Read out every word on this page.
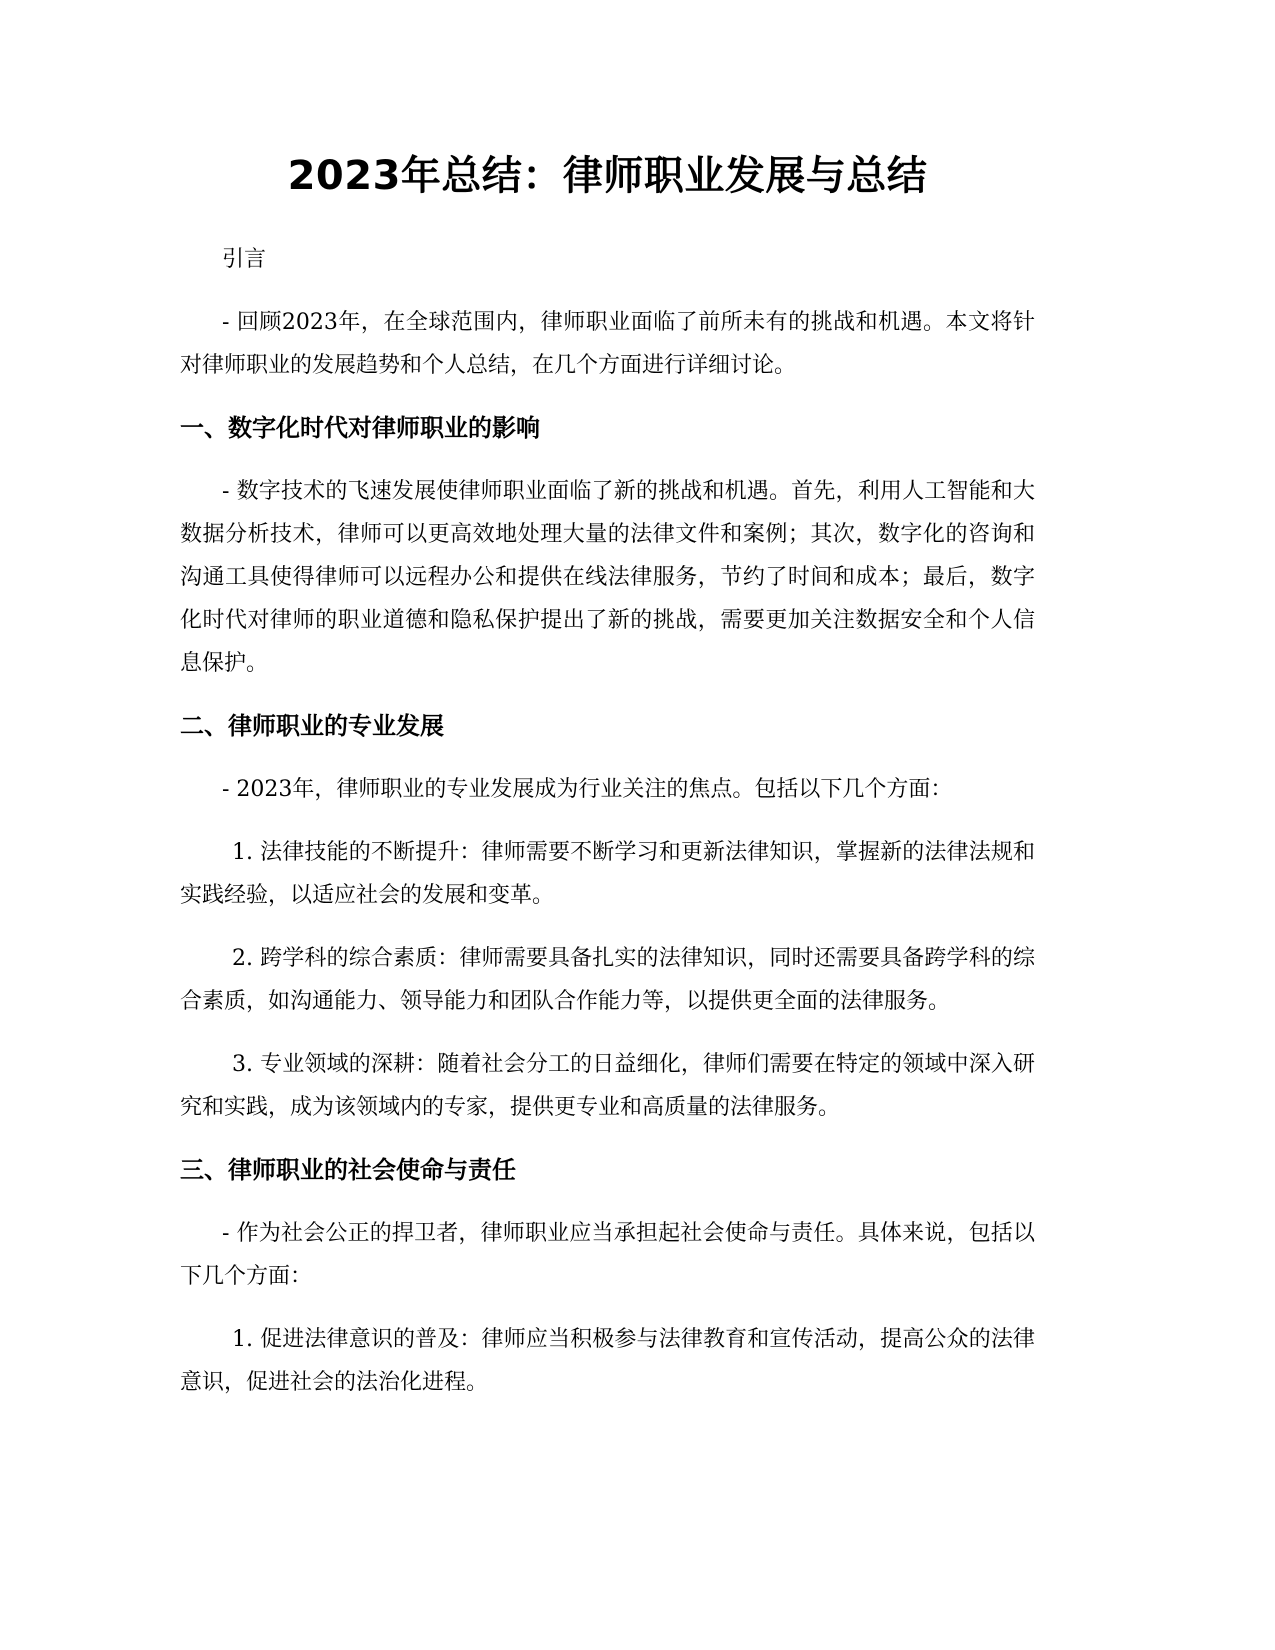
2023年总结：律师职业发展与总结

引言

- 回顾2023年，在全球范围内，律师职业面临了前所未有的挑战和机遇。本文将针对律师职业的发展趋势和个人总结，在几个方面进行详细讨论。

一、数字化时代对律师职业的影响

- 数字技术的飞速发展使律师职业面临了新的挑战和机遇。首先，利用人工智能和大数据分析技术，律师可以更高效地处理大量的法律文件和案例；其次，数字化的咨询和沟通工具使得律师可以远程办公和提供在线法律服务，节约了时间和成本；最后，数字化时代对律师的职业道德和隐私保护提出了新的挑战，需要更加关注数据安全和个人信息保护。

二、律师职业的专业发展

- 2023年，律师职业的专业发展成为行业关注的焦点。包括以下几个方面：

1. 法律技能的不断提升：律师需要不断学习和更新法律知识，掌握新的法律法规和实践经验，以适应社会的发展和变革。

2. 跨学科的综合素质：律师需要具备扎实的法律知识，同时还需要具备跨学科的综合素质，如沟通能力、领导能力和团队合作能力等，以提供更全面的法律服务。

3. 专业领域的深耕：随着社会分工的日益细化，律师们需要在特定的领域中深入研究和实践，成为该领域内的专家，提供更专业和高质量的法律服务。

三、律师职业的社会使命与责任

- 作为社会公正的捍卫者，律师职业应当承担起社会使命与责任。具体来说，包括以下几个方面：

1. 促进法律意识的普及：律师应当积极参与法律教育和宣传活动，提高公众的法律意识，促进社会的法治化进程。
